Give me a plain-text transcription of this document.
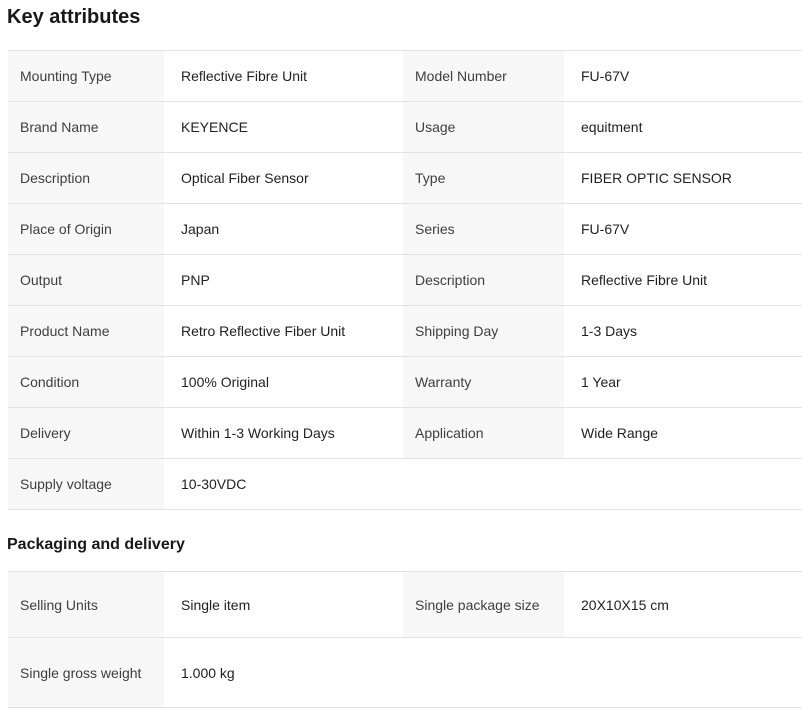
Key attributes
Mounting Type	Reflective Fibre Unit	Model Number	FU-67V
Brand Name	KEYENCE	Usage	equitment
Description	Optical Fiber Sensor	Type	FIBER OPTIC SENSOR
Place of Origin	Japan	Series	FU-67V
Output	PNP	Description	Reflective Fibre Unit
Product Name	Retro Reflective Fiber Unit	Shipping Day	1-3 Days
Condition	100% Original	Warranty	1 Year
Delivery	Within 1-3 Working Days	Application	Wide Range
Supply voltage	10-30VDC
Packaging and delivery
Selling Units	Single item	Single package size	20X10X15 cm
Single gross weight	1.000 kg
